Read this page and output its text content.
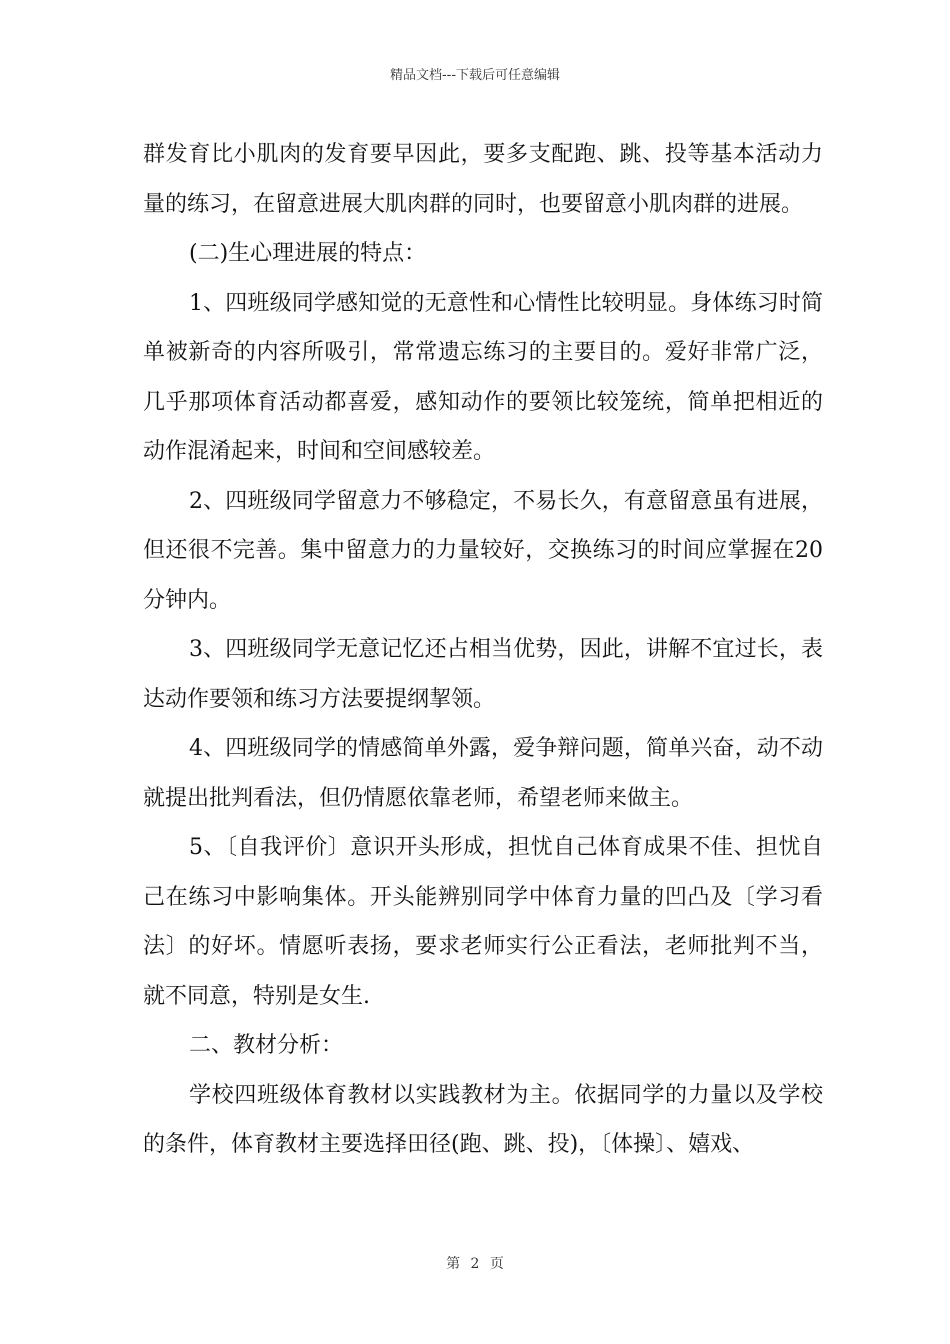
精品文档---下载后可任意编辑

群发育比小肌肉的发育要早因此，要多支配跑、跳、投等基本活动力量的练习，在留意进展大肌肉群的同时，也要留意小肌肉群的进展。

(二)生心理进展的特点：

1、四班级同学感知觉的无意性和心情性比较明显。身体练习时简单被新奇的内容所吸引，常常遗忘练习的主要目的。爱好非常广泛，几乎那项体育活动都喜爱，感知动作的要领比较笼统，简单把相近的动作混淆起来，时间和空间感较差。

2、四班级同学留意力不够稳定，不易长久，有意留意虽有进展，但还很不完善。集中留意力的力量较好，交换练习的时间应掌握在20分钟内。

3、四班级同学无意记忆还占相当优势，因此，讲解不宜过长，表达动作要领和练习方法要提纲挈领。

4、四班级同学的情感简单外露，爱争辩问题，简单兴奋，动不动就提出批判看法，但仍情愿依靠老师，希望老师来做主。

5、〔自我评价〕意识开头形成，担忧自己体育成果不佳、担忧自己在练习中影响集体。开头能辨别同学中体育力量的凹凸及〔学习看法〕的好坏。情愿听表扬，要求老师实行公正看法，老师批判不当，就不同意，特别是女生.

二、教材分析：

学校四班级体育教材以实践教材为主。依据同学的力量以及学校的条件，体育教材主要选择田径(跑、跳、投)，〔体操〕、嬉戏、

第 2 页
